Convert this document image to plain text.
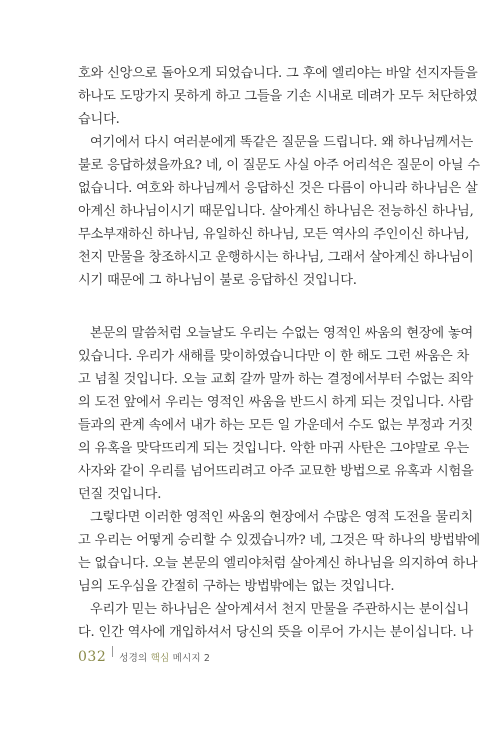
호와 신앙으로 돌아오게 되었습니다. 그 후에 엘리야는 바알 선지자들을
하나도 도망가지 못하게 하고 그들을 기손 시내로 데려가 모두 처단하였
습니다.
여기에서 다시 여러분에게 똑같은 질문을 드립니다. 왜 하나님께서는
불로 응답하셨을까요? 네, 이 질문도 사실 아주 어리석은 질문이 아닐 수
없습니다. 여호와 하나님께서 응답하신 것은 다름이 아니라 하나님은 살
아계신 하나님이시기 때문입니다. 살아계신 하나님은 전능하신 하나님,
무소부재하신 하나님, 유일하신 하나님, 모든 역사의 주인이신 하나님,
천지 만물을 창조하시고 운행하시는 하나님, 그래서 살아계신 하나님이
시기 때문에 그 하나님이 불로 응답하신 것입니다.
본문의 말씀처럼 오늘날도 우리는 수없는 영적인 싸움의 현장에 놓여
있습니다. 우리가 새해를 맞이하였습니다만 이 한 해도 그런 싸움은 차
고 넘칠 것입니다. 오늘 교회 갈까 말까 하는 결정에서부터 수없는 죄악
의 도전 앞에서 우리는 영적인 싸움을 반드시 하게 되는 것입니다. 사람
들과의 관계 속에서 내가 하는 모든 일 가운데서 수도 없는 부정과 거짓
의 유혹을 맞닥뜨리게 되는 것입니다. 악한 마귀 사탄은 그야말로 우는
사자와 같이 우리를 넘어뜨리려고 아주 교묘한 방법으로 유혹과 시험을
던질 것입니다.
그렇다면 이러한 영적인 싸움의 현장에서 수많은 영적 도전을 물리치
고 우리는 어떻게 승리할 수 있겠습니까? 네, 그것은 딱 하나의 방법밖에
는 없습니다. 오늘 본문의 엘리야처럼 살아계신 하나님을 의지하여 하나
님의 도우심을 간절히 구하는 방법밖에는 없는 것입니다.
우리가 믿는 하나님은 살아계셔서 천지 만물을 주관하시는 분이십니
다. 인간 역사에 개입하셔서 당신의 뜻을 이루어 가시는 분이십니다. 나
032 성경의 핵심 메시지 2
